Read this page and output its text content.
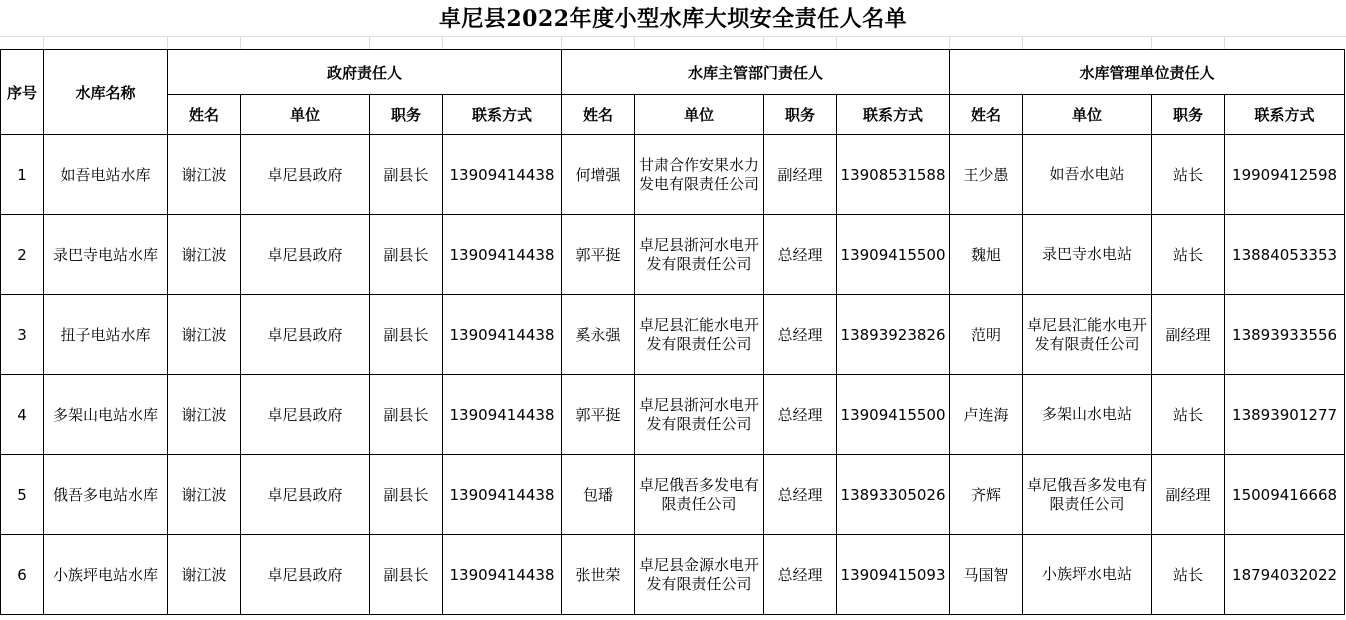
卓尼县2022年度小型水库大坝安全责任人名单
序号	水库名称	政府责任人				水库主管部门责任人				水库管理单位责任人			
		姓名	单位	职务	联系方式	姓名	单位	职务	联系方式	姓名	单位	职务	联系方式
1	如吾电站水库	谢江波	卓尼县政府	副县长	13909414438	何增强	甘肃合作安果水力发电有限责任公司	副经理	13908531588	王少愚	如吾水电站	站长	19909412598
2	录巴寺电站水库	谢江波	卓尼县政府	副县长	13909414438	郭平挺	卓尼县浙河水电开发有限责任公司	总经理	13909415500	魏旭	录巴寺水电站	站长	13884053353
3	扭子电站水库	谢江波	卓尼县政府	副县长	13909414438	奚永强	卓尼县汇能水电开发有限责任公司	总经理	13893923826	范明	卓尼县汇能水电开发有限责任公司	副经理	13893933556
4	多架山电站水库	谢江波	卓尼县政府	副县长	13909414438	郭平挺	卓尼县浙河水电开发有限责任公司	总经理	13909415500	卢连海	多架山水电站	站长	13893901277
5	俄吾多电站水库	谢江波	卓尼县政府	副县长	13909414438	包璠	卓尼俄吾多发电有限责任公司	总经理	13893305026	齐辉	卓尼俄吾多发电有限责任公司	副经理	15009416668
6	小族坪电站水库	谢江波	卓尼县政府	副县长	13909414438	张世荣	卓尼县金源水电开发有限责任公司	总经理	13909415093	马国智	小族坪水电站	站长	18794032022
